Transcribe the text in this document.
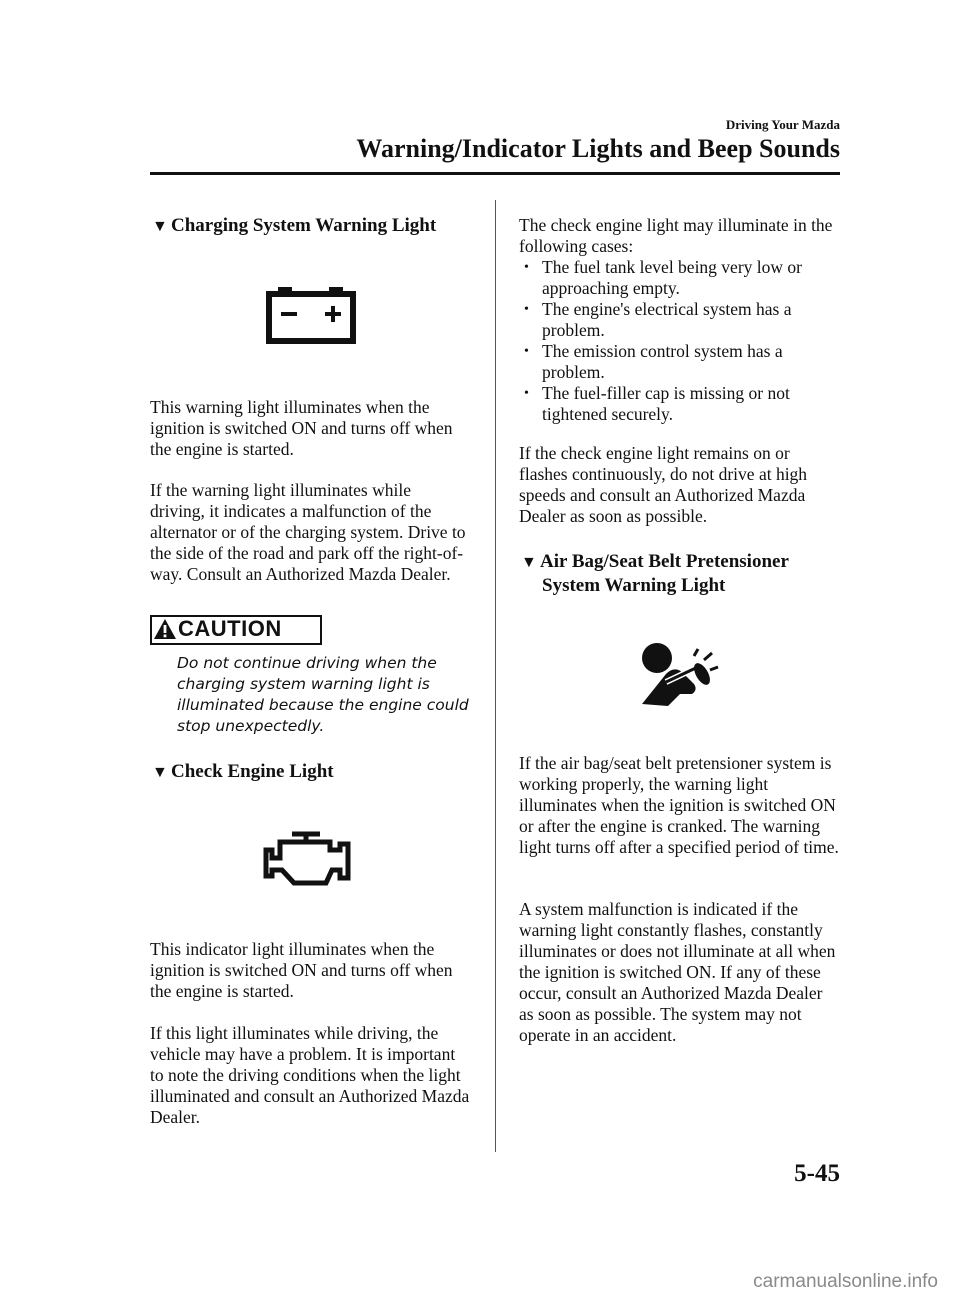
Driving Your Mazda
Warning/Indicator Lights and Beep Sounds
▼ Charging System Warning Light

This warning light illuminates when the ignition is switched ON and turns off when the engine is started.

If the warning light illuminates while driving, it indicates a malfunction of the alternator or of the charging system. Drive to the side of the road and park off the right-of-way. Consult an Authorized Mazda Dealer.

CAUTION
Do not continue driving when the charging system warning light is illuminated because the engine could stop unexpectedly.
▼ Check Engine Light

This indicator light illuminates when the ignition is switched ON and turns off when the engine is started.

If this light illuminates while driving, the vehicle may have a problem. It is important to note the driving conditions when the light illuminated and consult an Authorized Mazda Dealer.

The check engine light may illuminate in the following cases:

• The fuel tank level being very low or approaching empty.
• The engine's electrical system has a problem.
• The emission control system has a problem.
• The fuel-filler cap is missing or not tightened securely.

If the check engine light remains on or flashes continuously, do not drive at high speeds and consult an Authorized Mazda Dealer as soon as possible.

▼ Air Bag/Seat Belt Pretensioner
System Warning Light

If the air bag/seat belt pretensioner system is working properly, the warning light illuminates when the ignition is switched ON or after the engine is cranked. The warning light turns off after a specified period of time.

A system malfunction is indicated if the warning light constantly flashes, constantly illuminates or does not illuminate at all when the ignition is switched ON. If any of these occur, consult an Authorized Mazda Dealer as soon as possible. The system may not operate in an accident.

5-45
carmanualsonline.info
